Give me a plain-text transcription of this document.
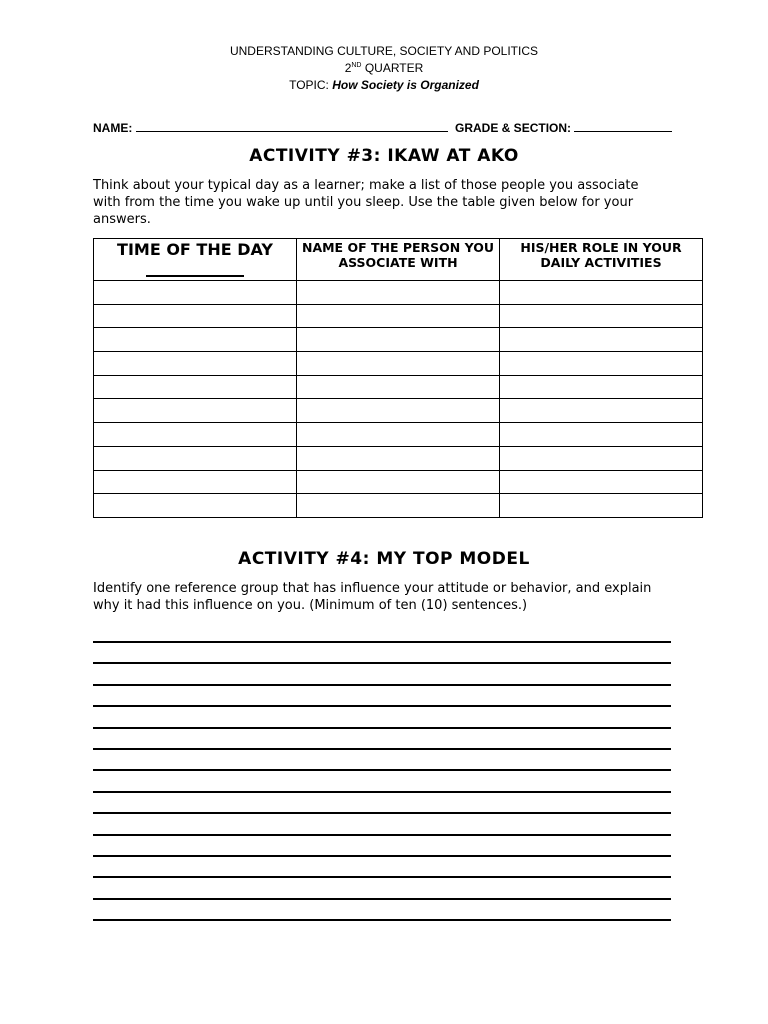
UNDERSTANDING CULTURE, SOCIETY AND POLITICS
2ND QUARTER
TOPIC: How Society is Organized
NAME:	GRADE & SECTION:
ACTIVITY #3: IKAW AT AKO
Think about your typical day as a learner; make a list of those people you associate with from the time you wake up until you sleep. Use the table given below for your answers.
TIME OF THE DAY	NAME OF THE PERSON YOU ASSOCIATE WITH	HIS/HER ROLE IN YOUR DAILY ACTIVITIES

ACTIVITY #4: MY TOP MODEL
Identify one reference group that has influence your attitude or behavior, and explain why it had this influence on you. (Minimum of ten (10) sentences.)
